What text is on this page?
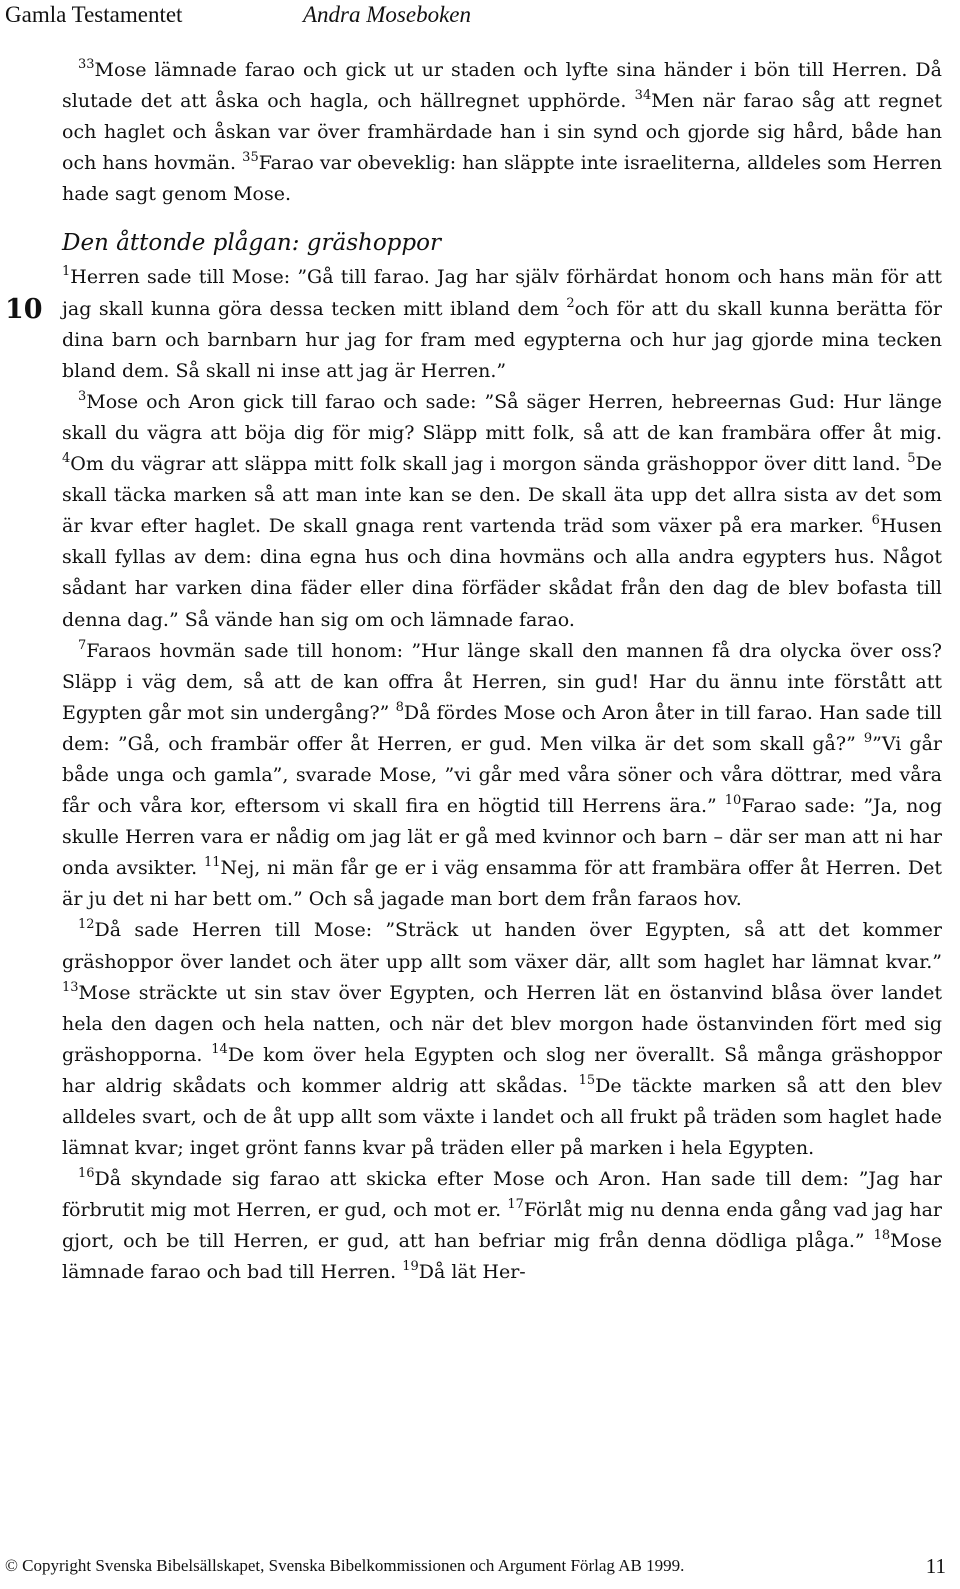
Gamla Testamentet	Andra Moseboken
10

$^{33}$Mose lämnade farao och gick ut ur staden och lyfte sina händer i bön till Herren. Då slutade det att åska och hagla, och hällregnet upphörde. $^{34}$Men när farao såg att regnet och haglet och åskan var över framhärdade han i sin synd och gjorde sig hård, både han och hans hovmän. $^{35}$Farao var obeveklig: han släppte inte israeliterna, alldeles som Herren hade sagt genom Mose.

Den åttonde plågan: gräshoppor

$^1$Herren sade till Mose: ”Gå till farao. Jag har själv förhärdat honom och hans män för att jag skall kunna göra dessa tecken mitt ibland dem $^2$och för att du skall kunna berätta för dina barn och barnbarn hur jag for fram med egypterna och hur jag gjorde mina tecken bland dem. Så skall ni inse att jag är Herren.”

$^3$Mose och Aron gick till farao och sade: ”Så säger Herren, hebreernas Gud: Hur länge skall du vägra att böja dig för mig? Släpp mitt folk, så att de kan frambära offer åt mig. $^4$Om du vägrar att släppa mitt folk skall jag i morgon sända gräshoppor över ditt land. $^5$De skall täcka marken så att man inte kan se den. De skall äta upp det allra sista av det som är kvar efter haglet. De skall gnaga rent vartenda träd som växer på era marker. $^6$Husen skall fyllas av dem: dina egna hus och dina hovmäns och alla andra egypters hus. Något sådant har varken dina fäder eller dina förfäder skådat från den dag de blev bofasta till denna dag.” Så vände han sig om och lämnade farao.

$^7$Faraos hovmän sade till honom: ”Hur länge skall den mannen få dra olycka över oss? Släpp i väg dem, så att de kan offra åt Herren, sin gud! Har du ännu inte förstått att Egypten går mot sin undergång?” $^8$Då fördes Mose och Aron åter in till farao. Han sade till dem: ”Gå, och frambär offer åt Herren, er gud. Men vilka är det som skall gå?” $^9$”Vi går både unga och gamla”, svarade Mose, ”vi går med våra söner och våra döttrar, med våra får och våra kor, eftersom vi skall fira en högtid till Herrens ära.” $^{10}$Farao sade: ”Ja, nog skulle Herren vara er nådig om jag lät er gå med kvinnor och barn – där ser man att ni har onda avsikter. $^{11}$Nej, ni män får ge er i väg ensamma för att frambära offer åt Herren. Det är ju det ni har bett om.” Och så jagade man bort dem från faraos hov.

$^{12}$Då sade Herren till Mose: ”Sträck ut handen över Egypten, så att det kommer gräshoppor över landet och äter upp allt som växer där, allt som haglet har lämnat kvar.” $^{13}$Mose sträckte ut sin stav över Egypten, och Herren lät en östanvind blåsa över landet hela den dagen och hela natten, och när det blev morgon hade östanvinden fört med sig gräshopporna. $^{14}$De kom över hela Egypten och slog ner överallt. Så många gräshoppor har aldrig skådats och kommer aldrig att skådas. $^{15}$De täckte marken så att den blev alldeles svart, och de åt upp allt som växte i landet och all frukt på träden som haglet hade lämnat kvar; inget grönt fanns kvar på träden eller på marken i hela Egypten.

$^{16}$Då skyndade sig farao att skicka efter Mose och Aron. Han sade till dem: ”Jag har förbrutit mig mot Herren, er gud, och mot er. $^{17}$Förlåt mig nu denna enda gång vad jag har gjort, och be till Herren, er gud, att han befriar mig från denna dödliga plåga.” $^{18}$Mose lämnade farao och bad till Herren. $^{19}$Då lät Her-

© Copyright Svenska Bibelsällskapet, Svenska Bibelkommissionen och Argument Förlag AB 1999.	11
